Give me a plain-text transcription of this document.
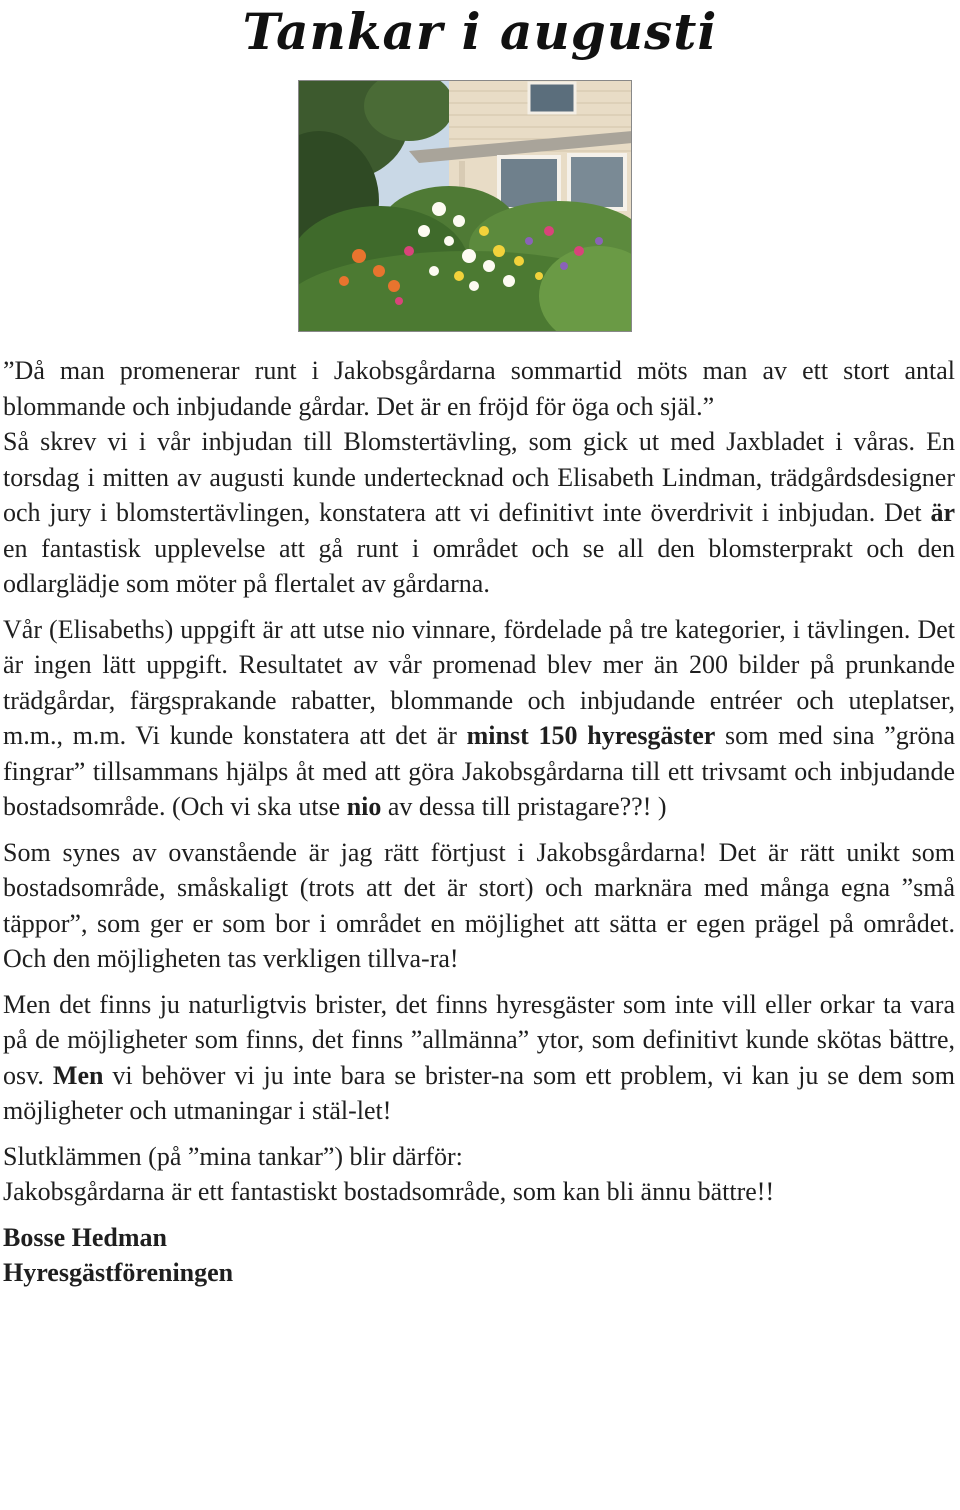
Tankar i augusti

”Då man promenerar runt i Jakobsgårdarna sommartid möts man av ett stort antal blommande och inbjudande gårdar. Det är en fröjd för öga och själ.”

Så skrev vi i vår inbjudan till Blomstertävling, som gick ut med Jaxbladet i våras. En torsdag i mitten av augusti kunde undertecknad och Elisabeth Lindman, trädgårdsdesigner och jury i blomstertävlingen, konstatera att vi definitivt inte överdrivit i inbjudan. Det är en fantastisk upplevelse att gå runt i området och se all den blomsterprakt och den odlarglädje som möter på flertalet av gårdarna.

Vår (Elisabeths) uppgift är att utse nio vinnare, fördelade på tre kategorier, i tävlingen. Det är ingen lätt uppgift. Resultatet av vår promenad blev mer än 200 bilder på prunkande trädgårdar, färgsprakande rabatter, blommande och inbjudande entréer och uteplatser, m.m., m.m. Vi kunde konstatera att det är minst 150 hyresgäster som med sina ”gröna fingrar” tillsammans hjälps åt med att göra Jakobsgårdarna till ett trivsamt och inbjudande bostadsområde. (Och vi ska utse nio av dessa till pristagare??! )

Som synes av ovanstående är jag rätt förtjust i Jakobsgårdarna! Det är rätt unikt som bostadsområde, småskaligt (trots att det är stort) och marknära med många egna ”små täppor”, som ger er som bor i området en möjlighet att sätta er egen prägel på området. Och den möjligheten tas verkligen tillva-ra!

Men det finns ju naturligtvis brister, det finns hyresgäster som inte vill eller orkar ta vara på de möjligheter som finns, det finns ”allmänna” ytor, som definitivt kunde skötas bättre, osv. Men vi behöver vi ju inte bara se brister-na som ett problem, vi kan ju se dem som möjligheter och utmaningar i stäl-let!

Slutklämmen (på ”mina tankar”) blir därför:

Jakobsgårdarna är ett fantastiskt bostadsområde, som kan bli ännu bättre!!

Bosse Hedman

Hyresgästföreningen
